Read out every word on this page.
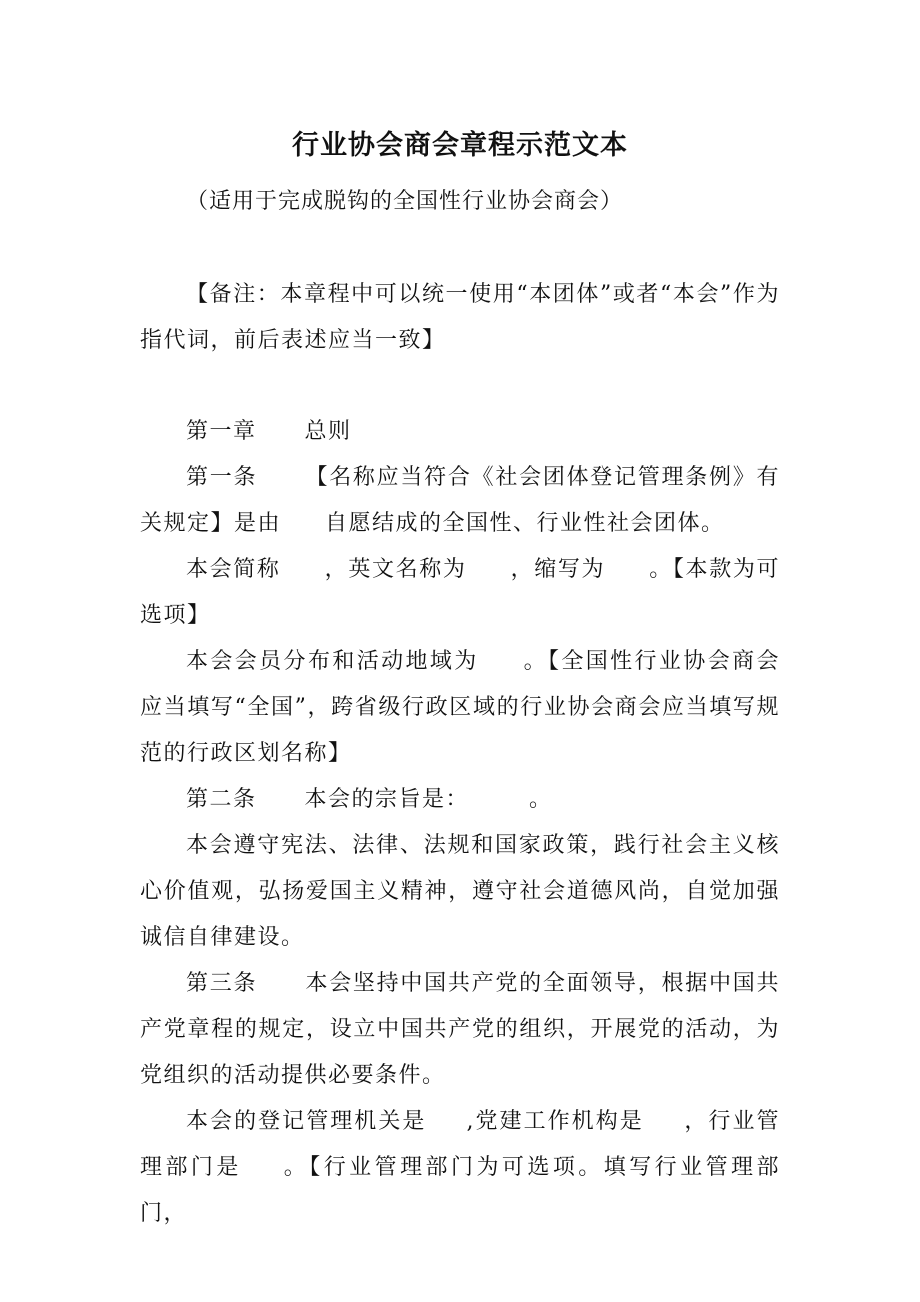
行业协会商会章程示范文本
（适用于完成脱钩的全国性行业协会商会）
【备注：本章程中可以统一使用“本团体”或者“本会”作为指代词，前后表述应当一致】
第一章 总则
第一条 【名称应当符合《社会团体登记管理条例》有关规定】是由 自愿结成的全国性、行业性社会团体。
本会简称 ，英文名称为 ，缩写为 。【本款为可选项】
本会会员分布和活动地域为 。【全国性行业协会商会应当填写“全国”，跨省级行政区域的行业协会商会应当填写规范的行政区划名称】
第二条 本会的宗旨是：	。
本会遵守宪法、法律、法规和国家政策，践行社会主义核心价值观，弘扬爱国主义精神，遵守社会道德风尚，自觉加强诚信自律建设。
第三条 本会坚持中国共产党的全面领导，根据中国共产党章程的规定，设立中国共产党的组织，开展党的活动，为党组织的活动提供必要条件。
本会的登记管理机关是 ,党建工作机构是 ，行业管理部门是 。【行业管理部门为可选项。填写行业管理部门，
